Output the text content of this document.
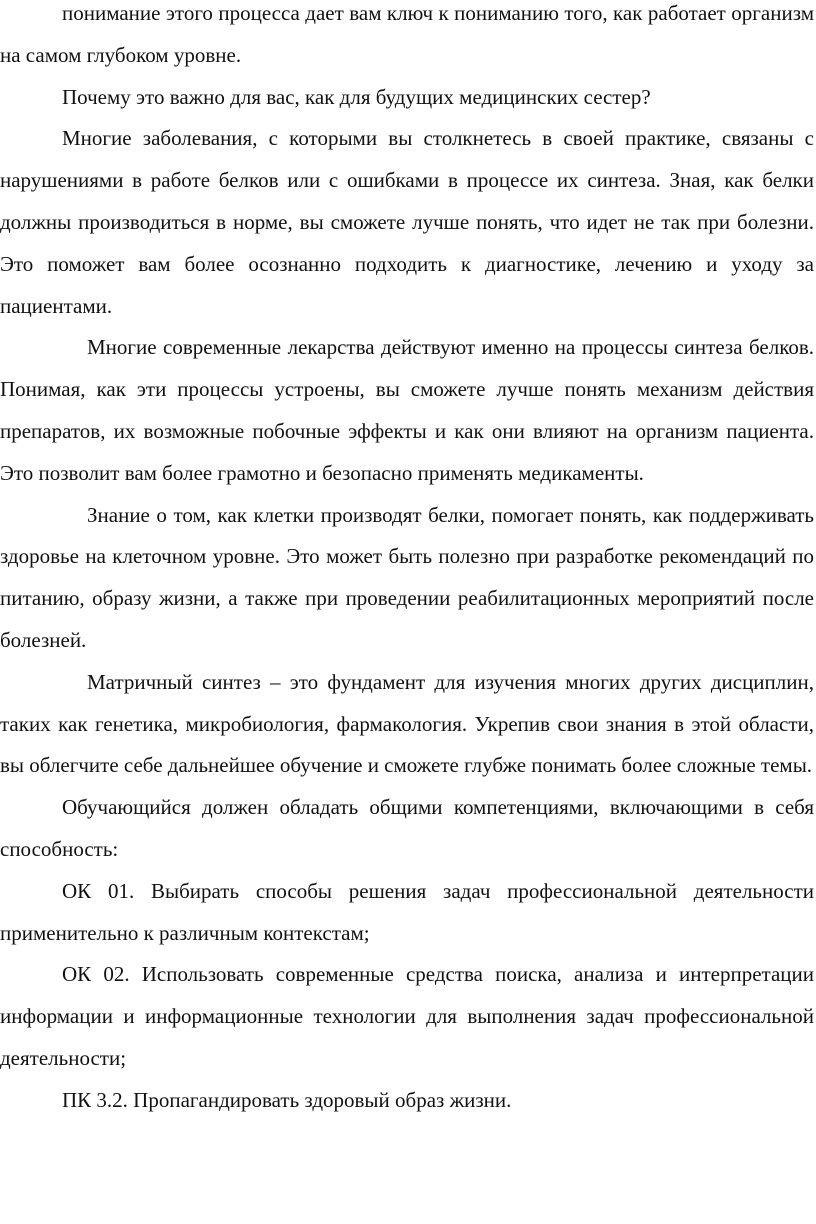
понимание этого процесса дает вам ключ к пониманию того, как работает организм на самом глубоком уровне.

Почему это важно для вас, как для будущих медицинских сестер?

Многие заболевания, с которыми вы столкнетесь в своей практике, связаны с нарушениями в работе белков или с ошибками в процессе их синтеза. Зная, как белки должны производиться в норме, вы сможете лучше понять, что идет не так при болезни. Это поможет вам более осознанно подходить к диагностике, лечению и уходу за пациентами.

Многие современные лекарства действуют именно на процессы синтеза белков. Понимая, как эти процессы устроены, вы сможете лучше понять механизм действия препаратов, их возможные побочные эффекты и как они влияют на организм пациента. Это позволит вам более грамотно и безопасно применять медикаменты.

Знание о том, как клетки производят белки, помогает понять, как поддерживать здоровье на клеточном уровне. Это может быть полезно при разработке рекомендаций по питанию, образу жизни, а также при проведении реабилитационных мероприятий после болезней.

Матричный синтез – это фундамент для изучения многих других дисциплин, таких как генетика, микробиология, фармакология. Укрепив свои знания в этой области, вы облегчите себе дальнейшее обучение и сможете глубже понимать более сложные темы.

Обучающийся должен обладать общими компетенциями, включающими в себя способность:

ОК 01. Выбирать способы решения задач профессиональной деятельности применительно к различным контекстам;

ОК 02. Использовать современные средства поиска, анализа и интерпретации информации и информационные технологии для выполнения задач профессиональной деятельности;

ПК 3.2. Пропагандировать здоровый образ жизни.
